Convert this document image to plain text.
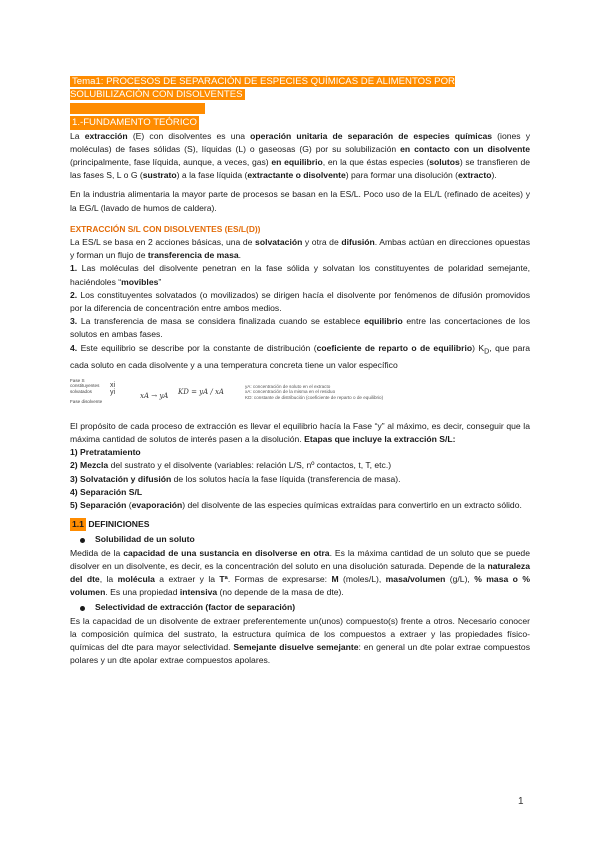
Tema1: PROCESOS DE SEPARACIÓN DE ESPECIES QUÍMICAS DE ALIMENTOS POR SOLUBILIZACIÓN CON DISOLVENTES
1.-FUNDAMENTO TEÓRICO

La extracción (E) con disolventes es una operación unitaria de separación de especies químicas (iones y moléculas) de fases sólidas (S), líquidas (L) o gaseosas (G) por su solubilización en contacto con un disolvente (principalmente, fase líquida, aunque, a veces, gas) en equilibrio, en la que éstas especies (solutos) se transfieren de las fases S, L o G (sustrato) a la fase líquida (extractante o disolvente) para formar una disolución (extracto).

En la industria alimentaria la mayor parte de procesos se basan en la ES/L. Poco uso de la EL/L (refinado de aceites) y la EG/L (lavado de humos de caldera).

EXTRACCIÓN S/L CON DISOLVENTES (ES/L(D))

La ES/L se basa en 2 acciones básicas, una de solvatación y otra de difusión. Ambas actúan en direcciones opuestas y forman un flujo de transferencia de masa.

1. Las moléculas del disolvente penetran en la fase sólida y solvatan los constituyentes de polaridad semejante, haciéndoles “movibles”

2. Los constituyentes solvatados (o movilizados) se dirigen hacía el disolvente por fenómenos de difusión promovidos por la diferencia de concentración entre ambos medios.

3. La transferencia de masa se considera finalizada cuando se establece equilibrio entre las concertaciones de los solutos en ambas fases.

4. Este equilibrio se describe por la constante de distribución (coeficiente de reparto o de equilibrio) $K_D$, que para cada soluto en cada disolvente y a una temperatura concreta tiene un valor específico

Fase S
constituyentes
solvatados

Fase disolvente
xi
yi	xA → yA KD = yA / xA
yA: concentración de soluto en el extracto
xA: concentración de la misma en el residuo
KD: constante de distribución (coeficiente de reparto o de equilibrio)

El propósito de cada proceso de extracción es llevar el equilibrio hacía la Fase “y” al máximo, es decir, conseguir que la máxima cantidad de solutos de interés pasen a la disolución. Etapas que incluye la extracción S/L:

1) Pretratamiento

2) Mezcla del sustrato y el disolvente (variables: relación L/S, nº contactos, t, T, etc.)

3) Solvatación y difusión de los solutos hacía la fase líquida (transferencia de masa).

4) Separación S/L

5) Separación (evaporación) del disolvente de las especies químicas extraídas para convertirlo en un extracto sólido.

1.1 DEFINICIONES
Solubilidad de un soluto

Medida de la capacidad de una sustancia en disolverse en otra. Es la máxima cantidad de un soluto que se puede disolver en un disolvente, es decir, es la concentración del soluto en una disolución saturada. Depende de la naturaleza del dte, la molécula a extraer y la Tª. Formas de expresarse: M (moles/L), masa/volumen (g/L), % masa o % volumen. Es una propiedad intensiva (no depende de la masa de dte).

Selectividad de extracción (factor de separación)

Es la capacidad de un disolvente de extraer preferentemente un(unos) compuesto(s) frente a otros. Necesario conocer la composición química del sustrato, la estructura química de los compuestos a extraer y las propiedades físico-químicas del dte para mayor selectividad. Semejante disuelve semejante: en general un dte polar extrae compuestos polares y un dte apolar extrae compuestos apolares.

1
